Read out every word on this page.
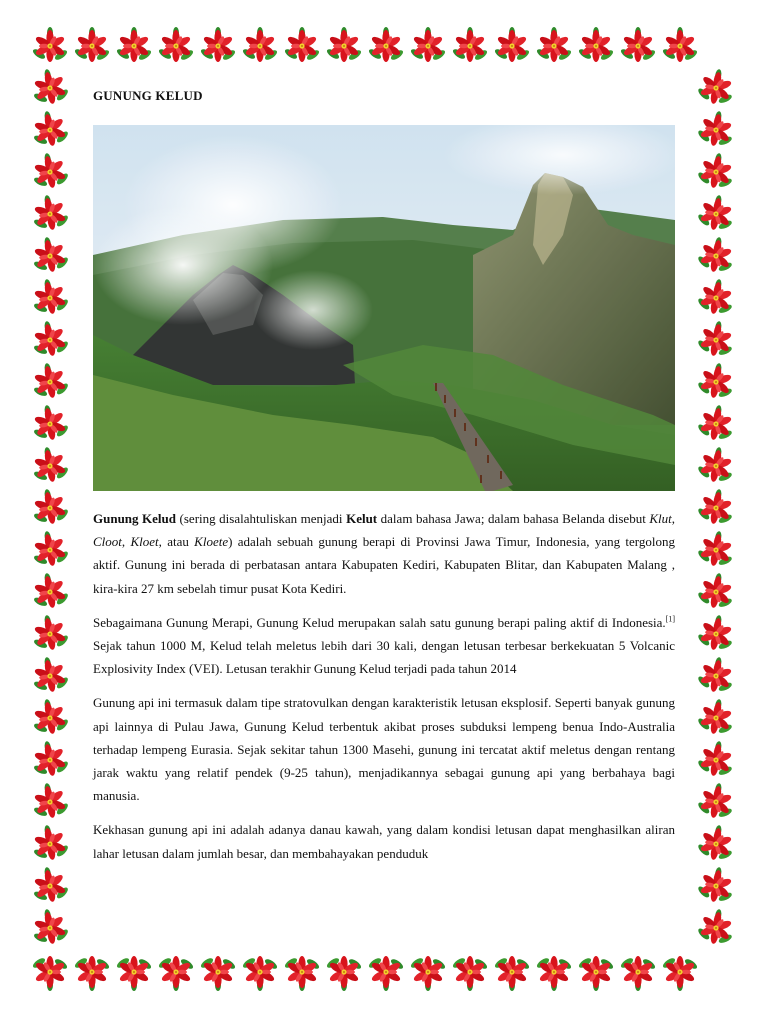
GUNUNG KELUD

Gunung Kelud (sering disalahtuliskan menjadi Kelut dalam bahasa Jawa; dalam bahasa Belanda disebut Klut, Cloot, Kloet, atau Kloete) adalah sebuah gunung berapi di Provinsi Jawa Timur, Indonesia, yang tergolong aktif. Gunung ini berada di perbatasan antara Kabupaten Kediri, Kabupaten Blitar, dan Kabupaten Malang , kira-kira 27 km sebelah timur pusat Kota Kediri.

Sebagaimana Gunung Merapi, Gunung Kelud merupakan salah satu gunung berapi paling aktif di Indonesia.[1] Sejak tahun 1000 M, Kelud telah meletus lebih dari 30 kali, dengan letusan terbesar berkekuatan 5 Volcanic Explosivity Index (VEI). Letusan terakhir Gunung Kelud terjadi pada tahun 2014

Gunung api ini termasuk dalam tipe stratovulkan dengan karakteristik letusan eksplosif. Seperti banyak gunung api lainnya di Pulau Jawa, Gunung Kelud terbentuk akibat proses subduksi lempeng benua Indo-Australia terhadap lempeng Eurasia. Sejak sekitar tahun 1300 Masehi, gunung ini tercatat aktif meletus dengan rentang jarak waktu yang relatif pendek (9-25 tahun), menjadikannya sebagai gunung api yang berbahaya bagi manusia.

Kekhasan gunung api ini adalah adanya danau kawah, yang dalam kondisi letusan dapat menghasilkan aliran lahar letusan dalam jumlah besar, dan membahayakan penduduk
